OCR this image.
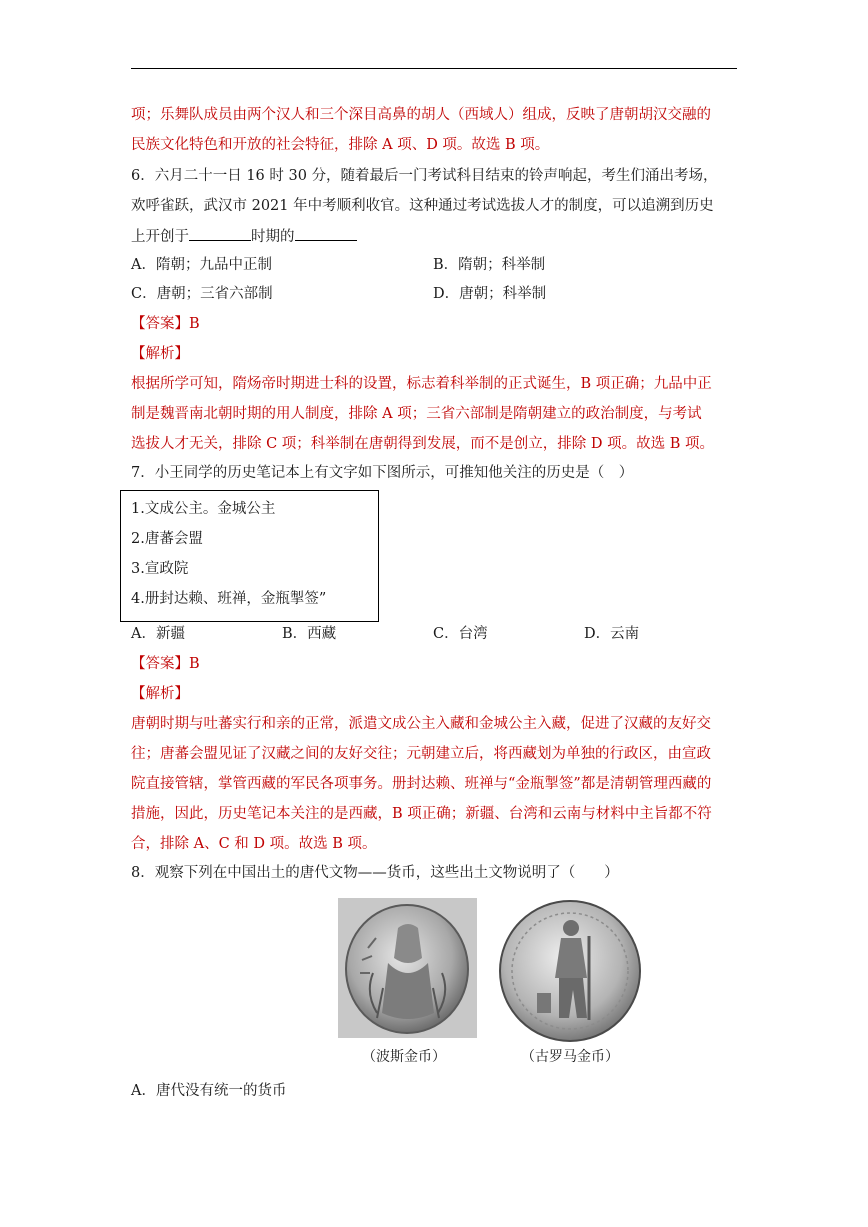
项；乐舞队成员由两个汉人和三个深目高鼻的胡人（西域人）组成，反映了唐朝胡汉交融的
民族文化特色和开放的社会特征，排除 A 项、D 项。故选 B 项。
6．六月二十一日 16 时 30 分，随着最后一门考试科目结束的铃声响起，考生们涌出考场，
欢呼雀跃，武汉市 2021 年中考顺利收官。这种通过考试选拔人才的制度，可以追溯到历史
上开创于	时期的
A．隋朝；九品中正制	B．隋朝；科举制
C．唐朝；三省六部制	D．唐朝；科举制
【答案】B
【解析】
根据所学可知，隋炀帝时期进士科的设置，标志着科举制的正式诞生，B 项正确；九品中正
制是魏晋南北朝时期的用人制度，排除 A 项；三省六部制是隋朝建立的政治制度，与考试
选拔人才无关，排除 C 项；科举制在唐朝得到发展，而不是创立，排除 D 项。故选 B 项。
7．小王同学的历史笔记本上有文字如下图所示，可推知他关注的历史是（　）
1.文成公主。金城公主
2.唐蕃会盟
3.宣政院
4.册封达赖、班禅，金瓶掣签”
A．新疆	B．西藏	C．台湾	D．云南
【答案】B
【解析】
唐朝时期与吐蕃实行和亲的正常，派遣文成公主入藏和金城公主入藏，促进了汉藏的友好交
往；唐蕃会盟见证了汉藏之间的友好交往；元朝建立后，将西藏划为单独的行政区，由宣政
院直接管辖，掌管西藏的军民各项事务。册封达赖、班禅与“金瓶掣签”都是清朝管理西藏的
措施，因此，历史笔记本关注的是西藏，B 项正确；新疆、台湾和云南与材料中主旨都不符
合，排除 A、C 和 D 项。故选 B 项。
8．观察下列在中国出土的唐代文物——货币，这些出土文物说明了（　　）
（波斯金币）	（古罗马金币）
A．唐代没有统一的货币
